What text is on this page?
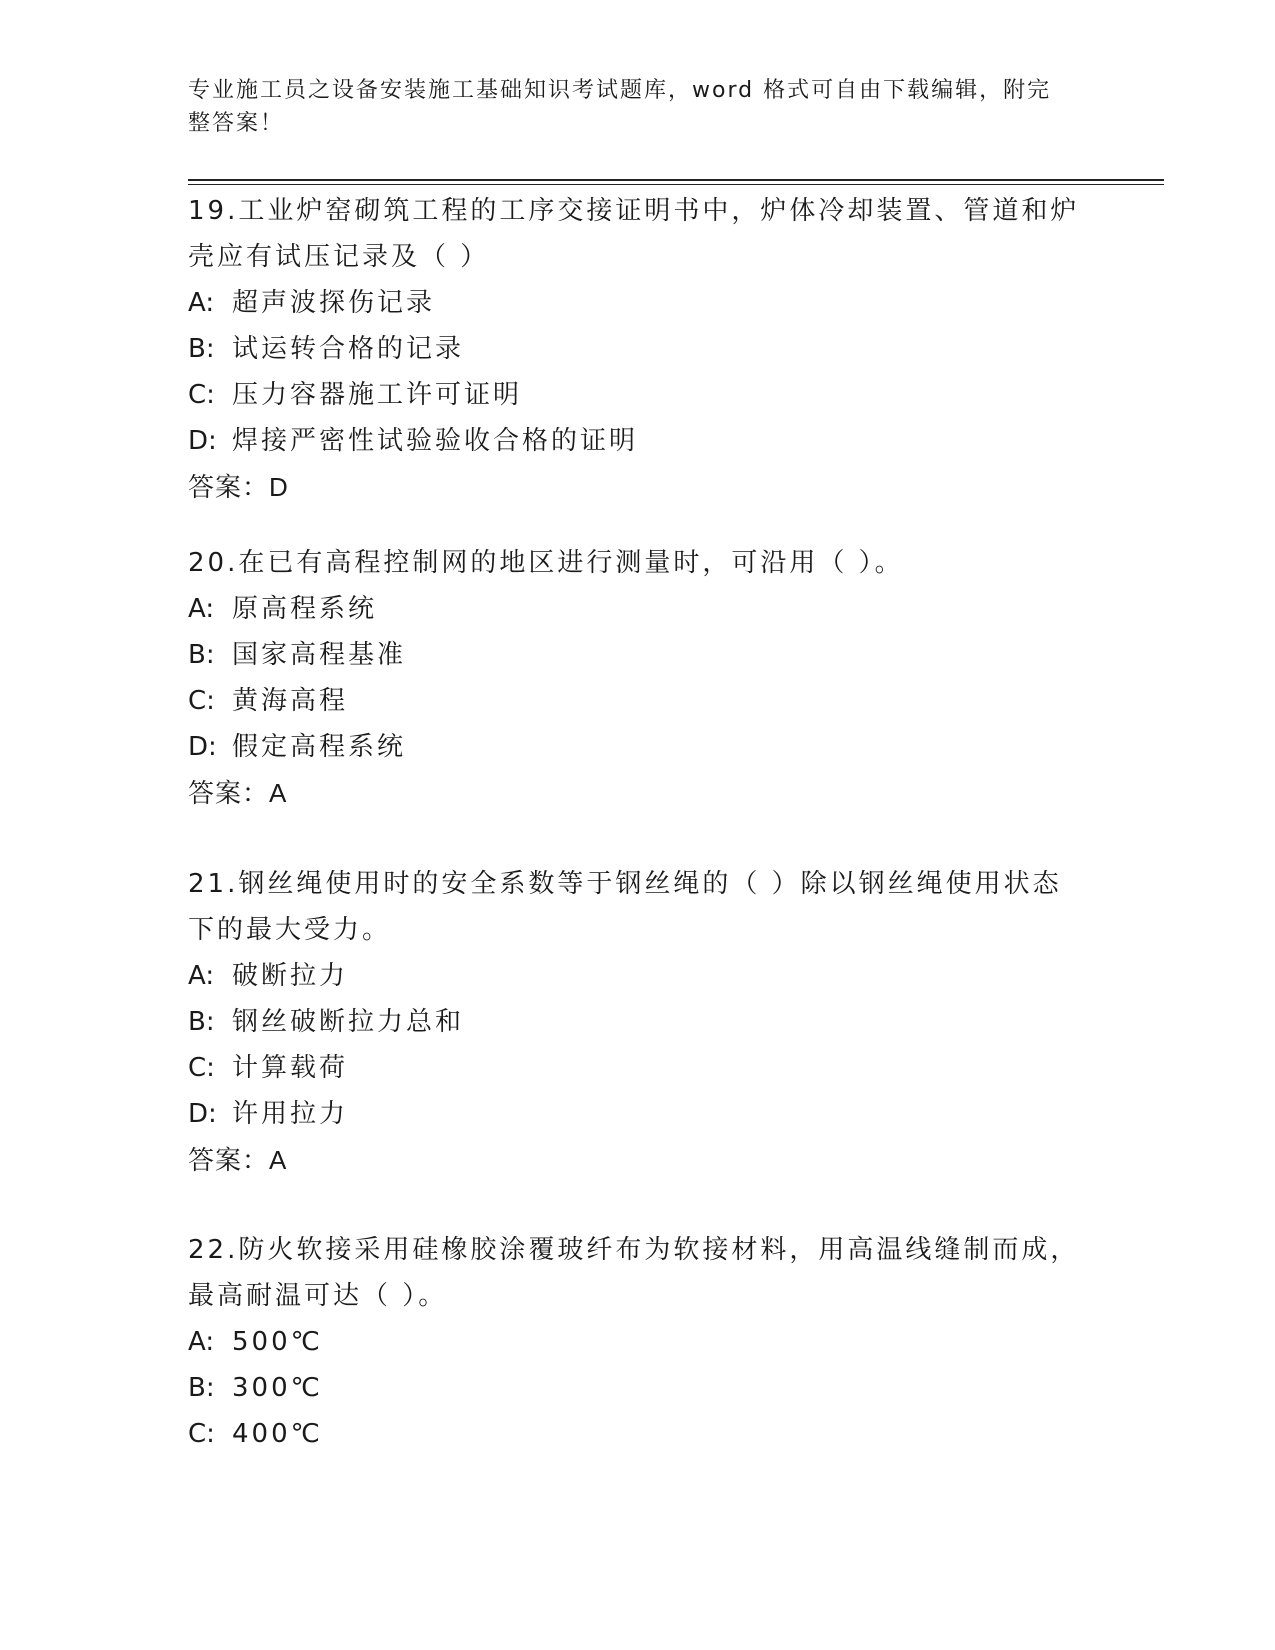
专业施工员之设备安装施工基础知识考试题库，word 格式可自由下载编辑，附完
整答案！
19.工业炉窑砌筑工程的工序交接证明书中，炉体冷却装置、管道和炉
壳应有试压记录及（ ）
A: 超声波探伤记录
B: 试运转合格的记录
C: 压力容器施工许可证明
D: 焊接严密性试验验收合格的证明
答案：D
20.在已有高程控制网的地区进行测量时，可沿用（ ）。
A: 原高程系统
B: 国家高程基准
C: 黄海高程
D: 假定高程系统
答案：A
21.钢丝绳使用时的安全系数等于钢丝绳的（ ）除以钢丝绳使用状态
下的最大受力。
A: 破断拉力
B: 钢丝破断拉力总和
C: 计算载荷
D: 许用拉力
答案：A
22.防火软接采用硅橡胶涂覆玻纤布为软接材料，用高温线缝制而成，
最高耐温可达（ ）。
A: 500℃
B: 300℃
C: 400℃
